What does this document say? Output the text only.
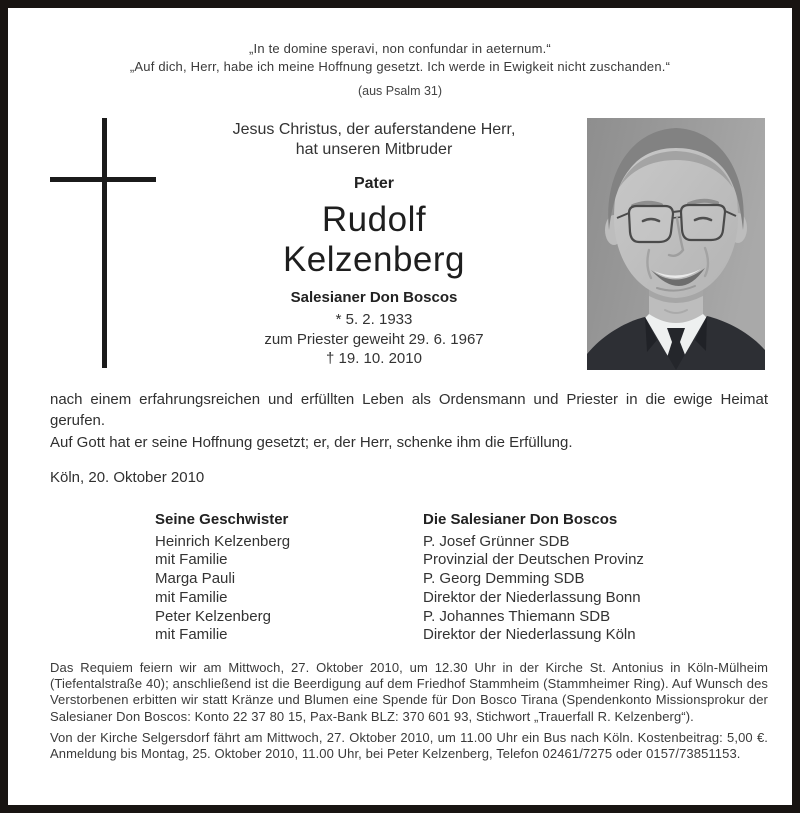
„In te domine speravi, non confundar in aeternum.“
„Auf dich, Herr, habe ich meine Hoffnung gesetzt. Ich werde in Ewigkeit nicht zuschanden.“
(aus Psalm 31)
Jesus Christus, der auferstandene Herr,
hat unseren Mitbruder
Pater
Rudolf
Kelzenberg
Salesianer Don Boscos
* 5. 2. 1933
zum Priester geweiht 29. 6. 1967
† 19. 10. 2010
nach einem erfahrungsreichen und erfüllten Leben als Ordensmann und Priester in die ewige Heimat gerufen.
Auf Gott hat er seine Hoffnung gesetzt; er, der Herr, schenke ihm die Erfüllung.
Köln, 20. Oktober 2010
Seine Geschwister
Heinrich Kelzenberg
mit Familie
Marga Pauli
mit Familie
Peter Kelzenberg
mit Familie
Die Salesianer Don Boscos
P. Josef Grünner SDB
Provinzial der Deutschen Provinz
P. Georg Demming SDB
Direktor der Niederlassung Bonn
P. Johannes Thiemann SDB
Direktor der Niederlassung Köln
Das Requiem feiern wir am Mittwoch, 27. Oktober 2010, um 12.30 Uhr in der Kirche St. Antonius in Köln-Mülheim (Tiefentalstraße 40); anschließend ist die Beerdigung auf dem Friedhof Stammheim (Stammheimer Ring). Auf Wunsch des Verstorbenen erbitten wir statt Kränze und Blumen eine Spende für Don Bosco Tirana (Spendenkonto Missionsprokur der Salesianer Don Boscos: Konto 22 37 80 15, Pax-Bank BLZ: 370 601 93, Stichwort „Trauerfall R. Kelzenberg“).
Von der Kirche Selgersdorf fährt am Mittwoch, 27. Oktober 2010, um 11.00 Uhr ein Bus nach Köln. Kostenbeitrag: 5,00 €. Anmeldung bis Montag, 25. Oktober 2010, 11.00 Uhr, bei Peter Kelzenberg, Telefon 02461/7275 oder 0157/73851153.
